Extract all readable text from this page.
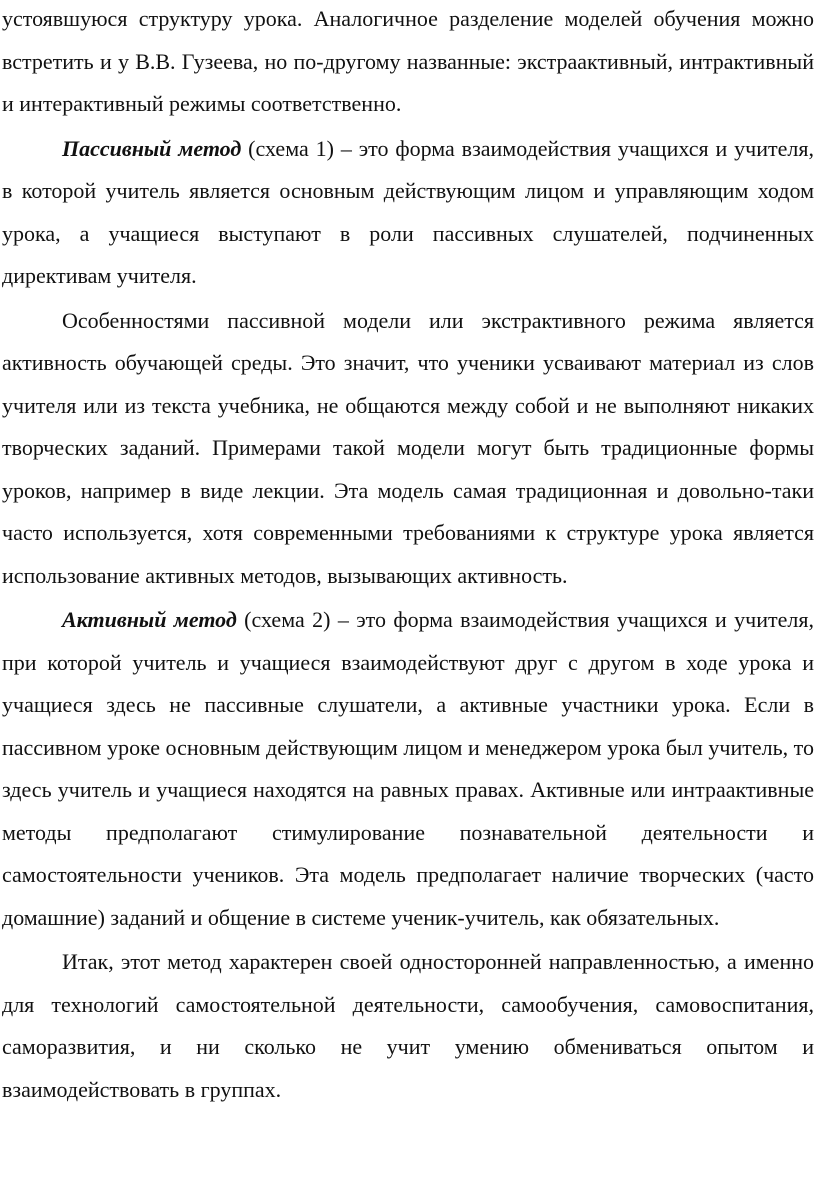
устоявшуюся структуру урока. Аналогичное разделение моделей обучения можно встретить и у В.В. Гузеева, но по-другому названные: экстраактивный, интрактивный и интерактивный режимы соответственно.

Пассивный метод (схема 1) – это форма взаимодействия учащихся и учителя, в которой учитель является основным действующим лицом и управляющим ходом урока, а учащиеся выступают в роли пассивных слушателей, подчиненных директивам учителя.

Особенностями пассивной модели или экстрактивного режима является активность обучающей среды. Это значит, что ученики усваивают материал из слов учителя или из текста учебника, не общаются между собой и не выполняют никаких творческих заданий. Примерами такой модели могут быть традиционные формы уроков, например в виде лекции. Эта модель самая традиционная и довольно-таки часто используется, хотя современными требованиями к структуре урока является использование активных методов, вызывающих активность.

Активный метод (схема 2) – это форма взаимодействия учащихся и учителя, при которой учитель и учащиеся взаимодействуют друг с другом в ходе урока и учащиеся здесь не пассивные слушатели, а активные участники урока. Если в пассивном уроке основным действующим лицом и менеджером урока был учитель, то здесь учитель и учащиеся находятся на равных правах. Активные или интраактивные методы предполагают стимулирование познавательной деятельности и самостоятельности учеников. Эта модель предполагает наличие творческих (часто домашние) заданий и общение в системе ученик-учитель, как обязательных.

Итак, этот метод характерен своей односторонней направленностью, а именно для технологий самостоятельной деятельности, самообучения, самовоспитания, саморазвития, и ни сколько не учит умению обмениваться опытом и взаимодействовать в группах.
